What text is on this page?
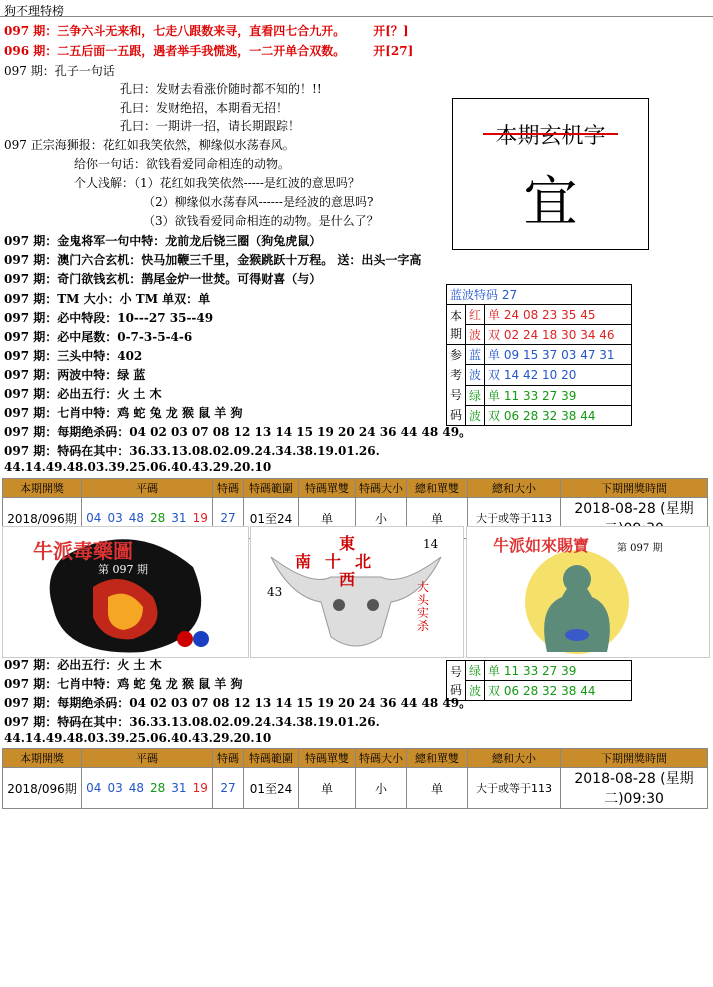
狗不理特榜
097 期：三争六斗无来和，七走八跟数来寻，直看四七合九开。 开[？]
096 期：二五后面一五跟，遇者举手我慌逃，一二开单合双数。 开[27]
097 期：孔子一句话
孔曰：发财去看涨价随时都不知的！!!
孔曰：发财绝招，本期看无招！
孔曰：一期讲一招，请长期跟踪！
097 正宗海狮报：花红如我笑依然，柳缘似水荡春风。
给你一句话：欲钱看爱同命相连的动物。
个人浅解：（1）花红如我笑依然-----是红波的意思吗？
（2）柳缘似水荡春风------是经波的意思吗?
（3）欲钱看爱同命相连的动物。是什么了？
本期玄机字
宜
097 期：金鬼将军一句中特：龙前龙后铙三圈（狗兔虎鼠）
097 期：澳门六合玄机：快马加鞭三千里，金猴跳跃十万程。 送：出头一字高
097 期：奇门欲钱玄机：鹊尾金炉一世焚。可得财喜（与）
097 期：TM 大小：小 TM 单双：单
097 期：必中特段：10---27 35--49
097 期：必中尾数：0-7-3-5-4-6
097 期：三头中特：402
097 期：两波中特：绿 蓝
097 期：必出五行：火 土 木
097 期：七肖中特：鸡 蛇 兔 龙 猴 鼠 羊 狗
097 期：每期绝杀码：04 02 03 07 08 12 13 14 15 19 20 24 36 44 48 49。
097 期：特码在其中：36.33.13.08.02.09.24.34.38.19.01.26.
44.14.49.48.03.39.25.06.40.43.29.20.10
蓝波特码 27		
本
期	红	单 24 08 23 35 45
	波	双 02 24 18 30 34 46
参
考
号
码	蓝	单 09 15 37 03 47 31
	波	双 14 42 10 20
	绿	单 11 33 27 39
	波	双 06 28 32 38 44
本期開獎	平碼	特碼	特碼範圍	特碼單雙	特碼大小	總和單雙	總和大小	下期開獎時間
2018/096期	04 03 48 28 31 19	27	01至24	单	小	单	大于或等于113	2018-08-28 (星期
牛派毒藥圖
第 097 期
東
南十北
西
14
43	大头实杀
牛派如來賜寶	第 097 期
097 期：必出五行：火 土 木
097 期：七肖中特：鸡 蛇 兔 龙 猴 鼠 羊 狗
097 期：每期绝杀码：04 02 03 07 08 12 13 14 15 19 20 24 36 44 48 49。
097 期：特码在其中：36.33.13.08.02.09.24.34.38.19.01.26.
44.14.49.48.03.39.25.06.40.43.29.20.10
号
码	绿	单 11 33 27 39
	波	双 06 28 32 38 44
本期開獎	平碼	特碼	特碼範圍	特碼單雙	特碼大小	總和單雙	總和大小	下期開獎時間
2018/096期	04 03 48 28 31 19	27	01至24	单	小	单	大于或等于113	2018-08-28 (星期二)09:30
